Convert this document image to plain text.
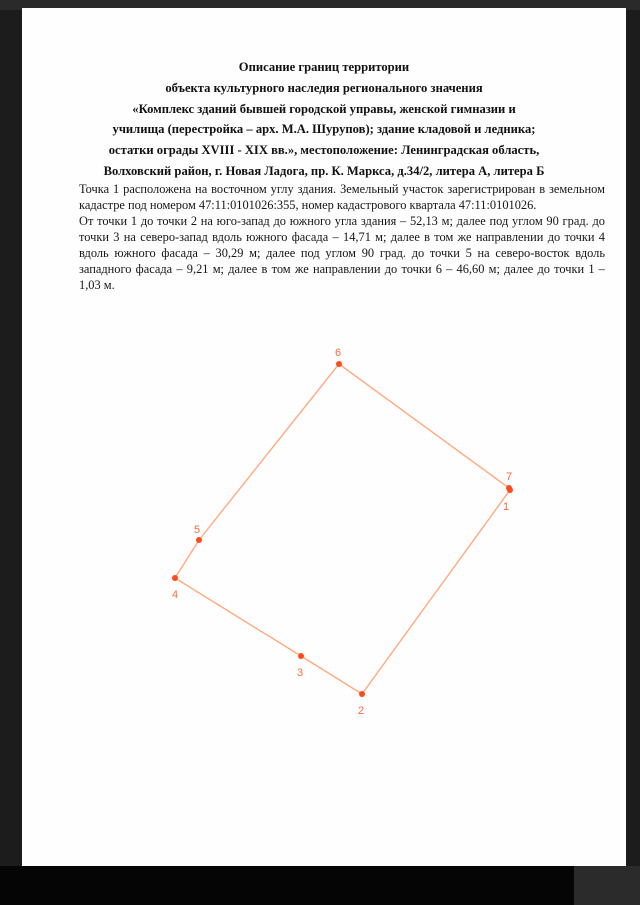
Описание границ территории
объекта культурного наследия регионального значения
«Комплекс зданий бывшей городской управы, женской гимназии и
училища (перестройка – арх. М.А. Шурупов); здание кладовой и ледника;
остатки ограды XVIII - XIX вв.», местоположение: Ленинградская область,
Волховский район, г. Новая Ладога, пр. К. Маркса, д.34/2, литера А, литера Б

Точка 1 расположена на восточном углу здания. Земельный участок зарегистрирован в земельном кадастре под номером 47:11:0101026:355, номер кадастрового квартала 47:11:0101026.

От точки 1 до точки 2 на юго-запад до южного угла здания – 52,13 м; далее под углом 90 град. до точки 3 на северо-запад вдоль южного фасада – 14,71 м; далее в том же направлении до точки 4 вдоль южного фасада – 30,29 м; далее под углом 90 град. до точки 5 на северо-восток вдоль западного фасада – 9,21 м; далее в том же направлении до точки 6 – 46,60 м; далее до точки 1 – 1,03 м.

1
2
3
4
5
6
7
